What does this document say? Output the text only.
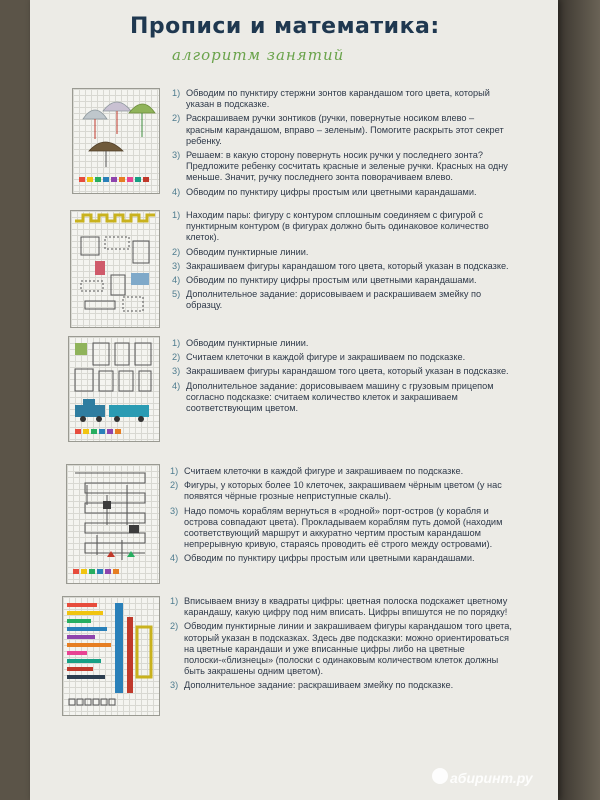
Прописи и математика:
алгоритм занятий
1) Обводим по пунктиру стержни зонтов карандашом того цвета, который указан в подсказке.
2) Раскрашиваем ручки зонтиков (ручки, повернутые носиком влево – красным карандашом, вправо – зеленым). Помогите раскрыть этот секрет ребенку.
3) Решаем: в какую сторону повернуть носик ручки у последнего зонта? Предложите ребенку сосчитать красные и зеленые ручки. Красных на одну меньше. Значит, ручку последнего зонта поворачиваем влево.
4) Обводим по пунктиру цифры простым или цветными карандашами.
1) Находим пары: фигуру с контуром сплошным соединяем с фигурой с пунктирным контуром (в фигурах должно быть одинаковое количество клеток).
2) Обводим пунктирные линии.
3) Закрашиваем фигуры карандашом того цвета, который указан в подсказке.
4) Обводим по пунктиру цифры простым или цветными карандашами.
5) Дополнительное задание: дорисовываем и раскрашиваем змейку по образцу.
1) Обводим пунктирные линии.
2) Считаем клеточки в каждой фигуре и закрашиваем по подсказке.
3) Закрашиваем фигуры карандашом того цвета, который указан в подсказке.
4) Дополнительное задание: дорисовываем машину с грузовым прицепом согласно подсказке: считаем количество клеток и закрашиваем соответствующим цветом.
1) Считаем клеточки в каждой фигуре и закрашиваем по подсказке.
2) Фигуры, у которых более 10 клеточек, закрашиваем чёрным цветом (у нас появятся чёрные грозные неприступные скалы).
3) Надо помочь кораблям вернуться в «родной» порт-остров (у корабля и острова совпадают цвета). Прокладываем кораблям путь домой (находим соответствующий маршрут и аккуратно чертим простым карандашом непрерывную кривую, стараясь проводить её строго между островами).
4) Обводим по пунктиру цифры простым или цветными карандашами.
1) Вписываем внизу в квадраты цифры: цветная полоска подскажет цветному карандашу, какую цифру под ним вписать. Цифры впишутся не по порядку!
2) Обводим пунктирные линии и закрашиваем фигуры карандашом того цвета, который указан в подсказках. Здесь две подсказки: можно ориентироваться на цветные карандаши и уже вписанные цифры либо на цветные полоски-«близнецы» (полоски с одинаковым количеством клеток должны быть закрашены одним цветом).
3) Дополнительное задание: раскрашиваем змейку по подсказке.
абиринт.ру
